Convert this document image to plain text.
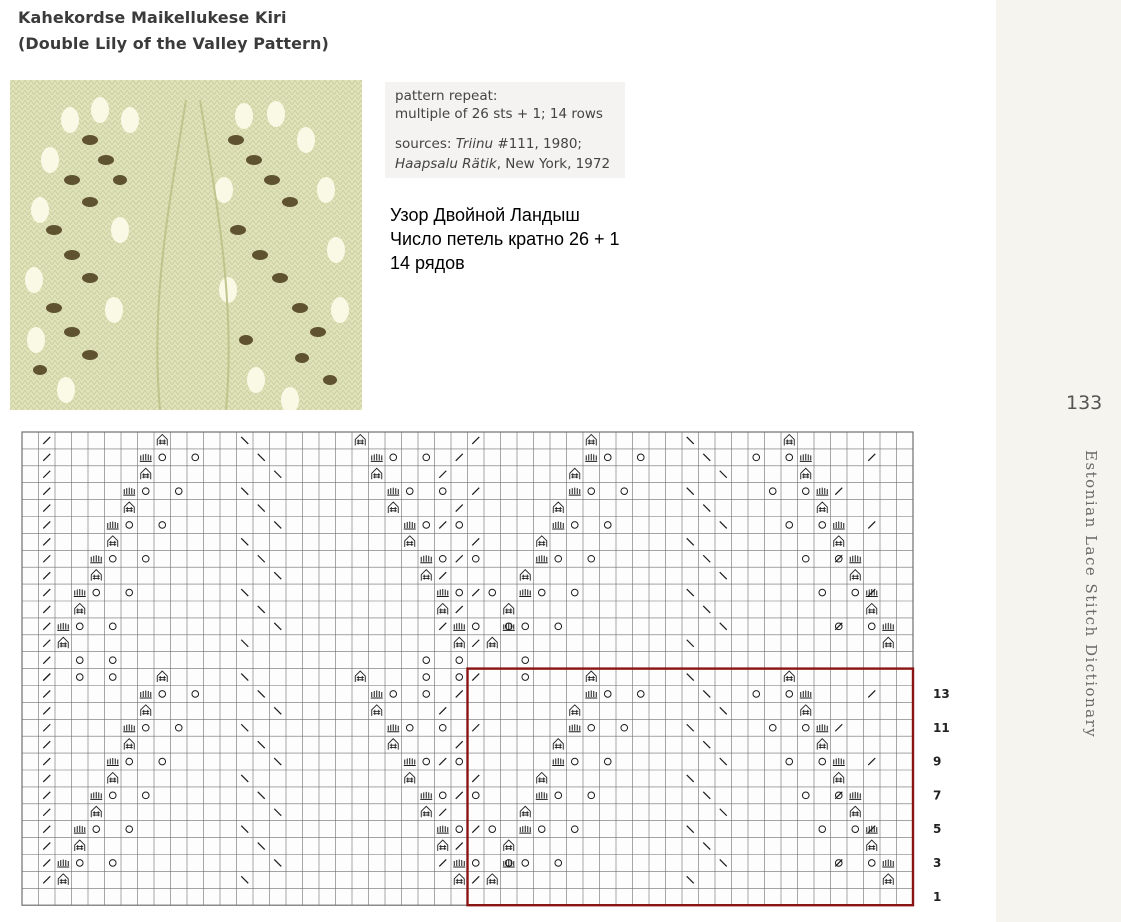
Kahekordse Maikellukese Kiri
(Double Lily of the Valley Pattern)
pattern repeat:
multiple of 26 sts + 1; 14 rows
sources: Triinu #111, 1980;
Haapsalu Rätik, New York, 1972
Узор Двойной Ландыш
Число петель кратно 26 + 1
14 рядов
133
Estonian Lace Stitch Dictionary
13
11
9
7
5
3
1
